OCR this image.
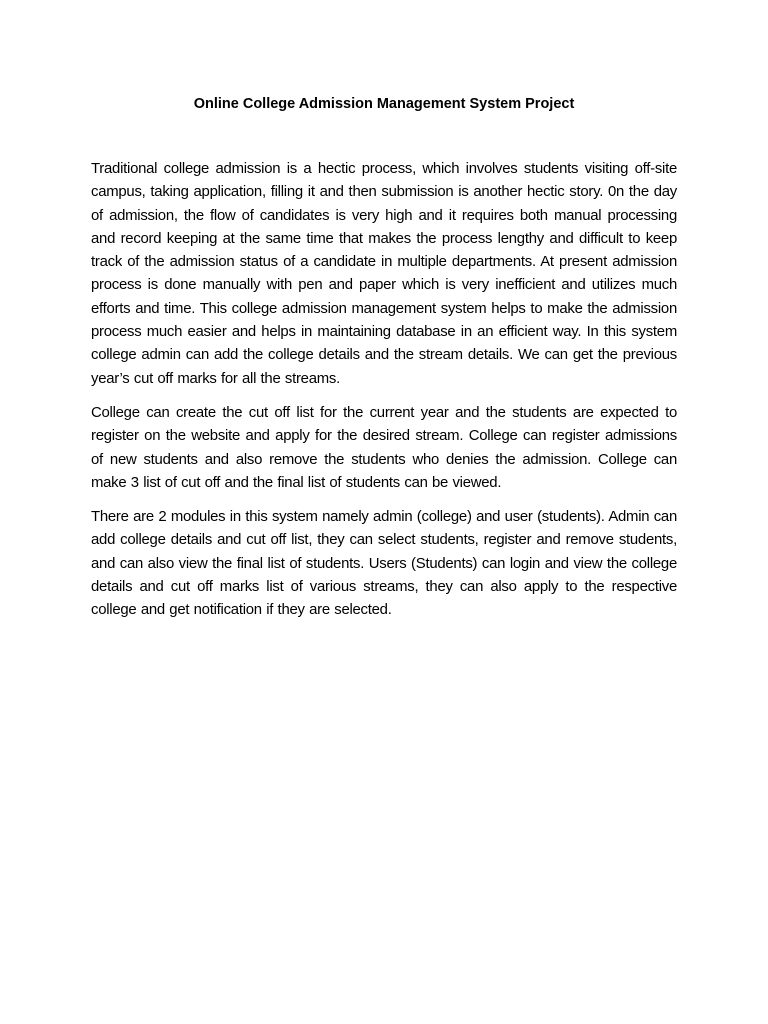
Online College Admission Management System Project

Traditional college admission is a hectic process, which involves students visiting off-site campus, taking application, filling it and then submission is another hectic story. 0n the day of admission, the flow of candidates is very high and it requires both manual processing and record keeping at the same time that makes the process lengthy and difficult to keep track of the admission status of a candidate in multiple departments. At present admission process is done manually with pen and paper which is very inefficient and utilizes much efforts and time. This college admission management system helps to make the admission process much easier and helps in maintaining database in an efficient way. In this system college admin can add the college details and the stream details. We can get the previous year’s cut off marks for all the streams.

College can create the cut off list for the current year and the students are expected to register on the website and apply for the desired stream. College can register admissions of new students and also remove the students who denies the admission. College can make 3 list of cut off and the final list of students can be viewed.

There are 2 modules in this system namely admin (college) and user (students). Admin can add college details and cut off list, they can select students, register and remove students, and can also view the final list of students. Users (Students) can login and view the college details and cut off marks list of various streams, they can also apply to the respective college and get notification if they are selected.
